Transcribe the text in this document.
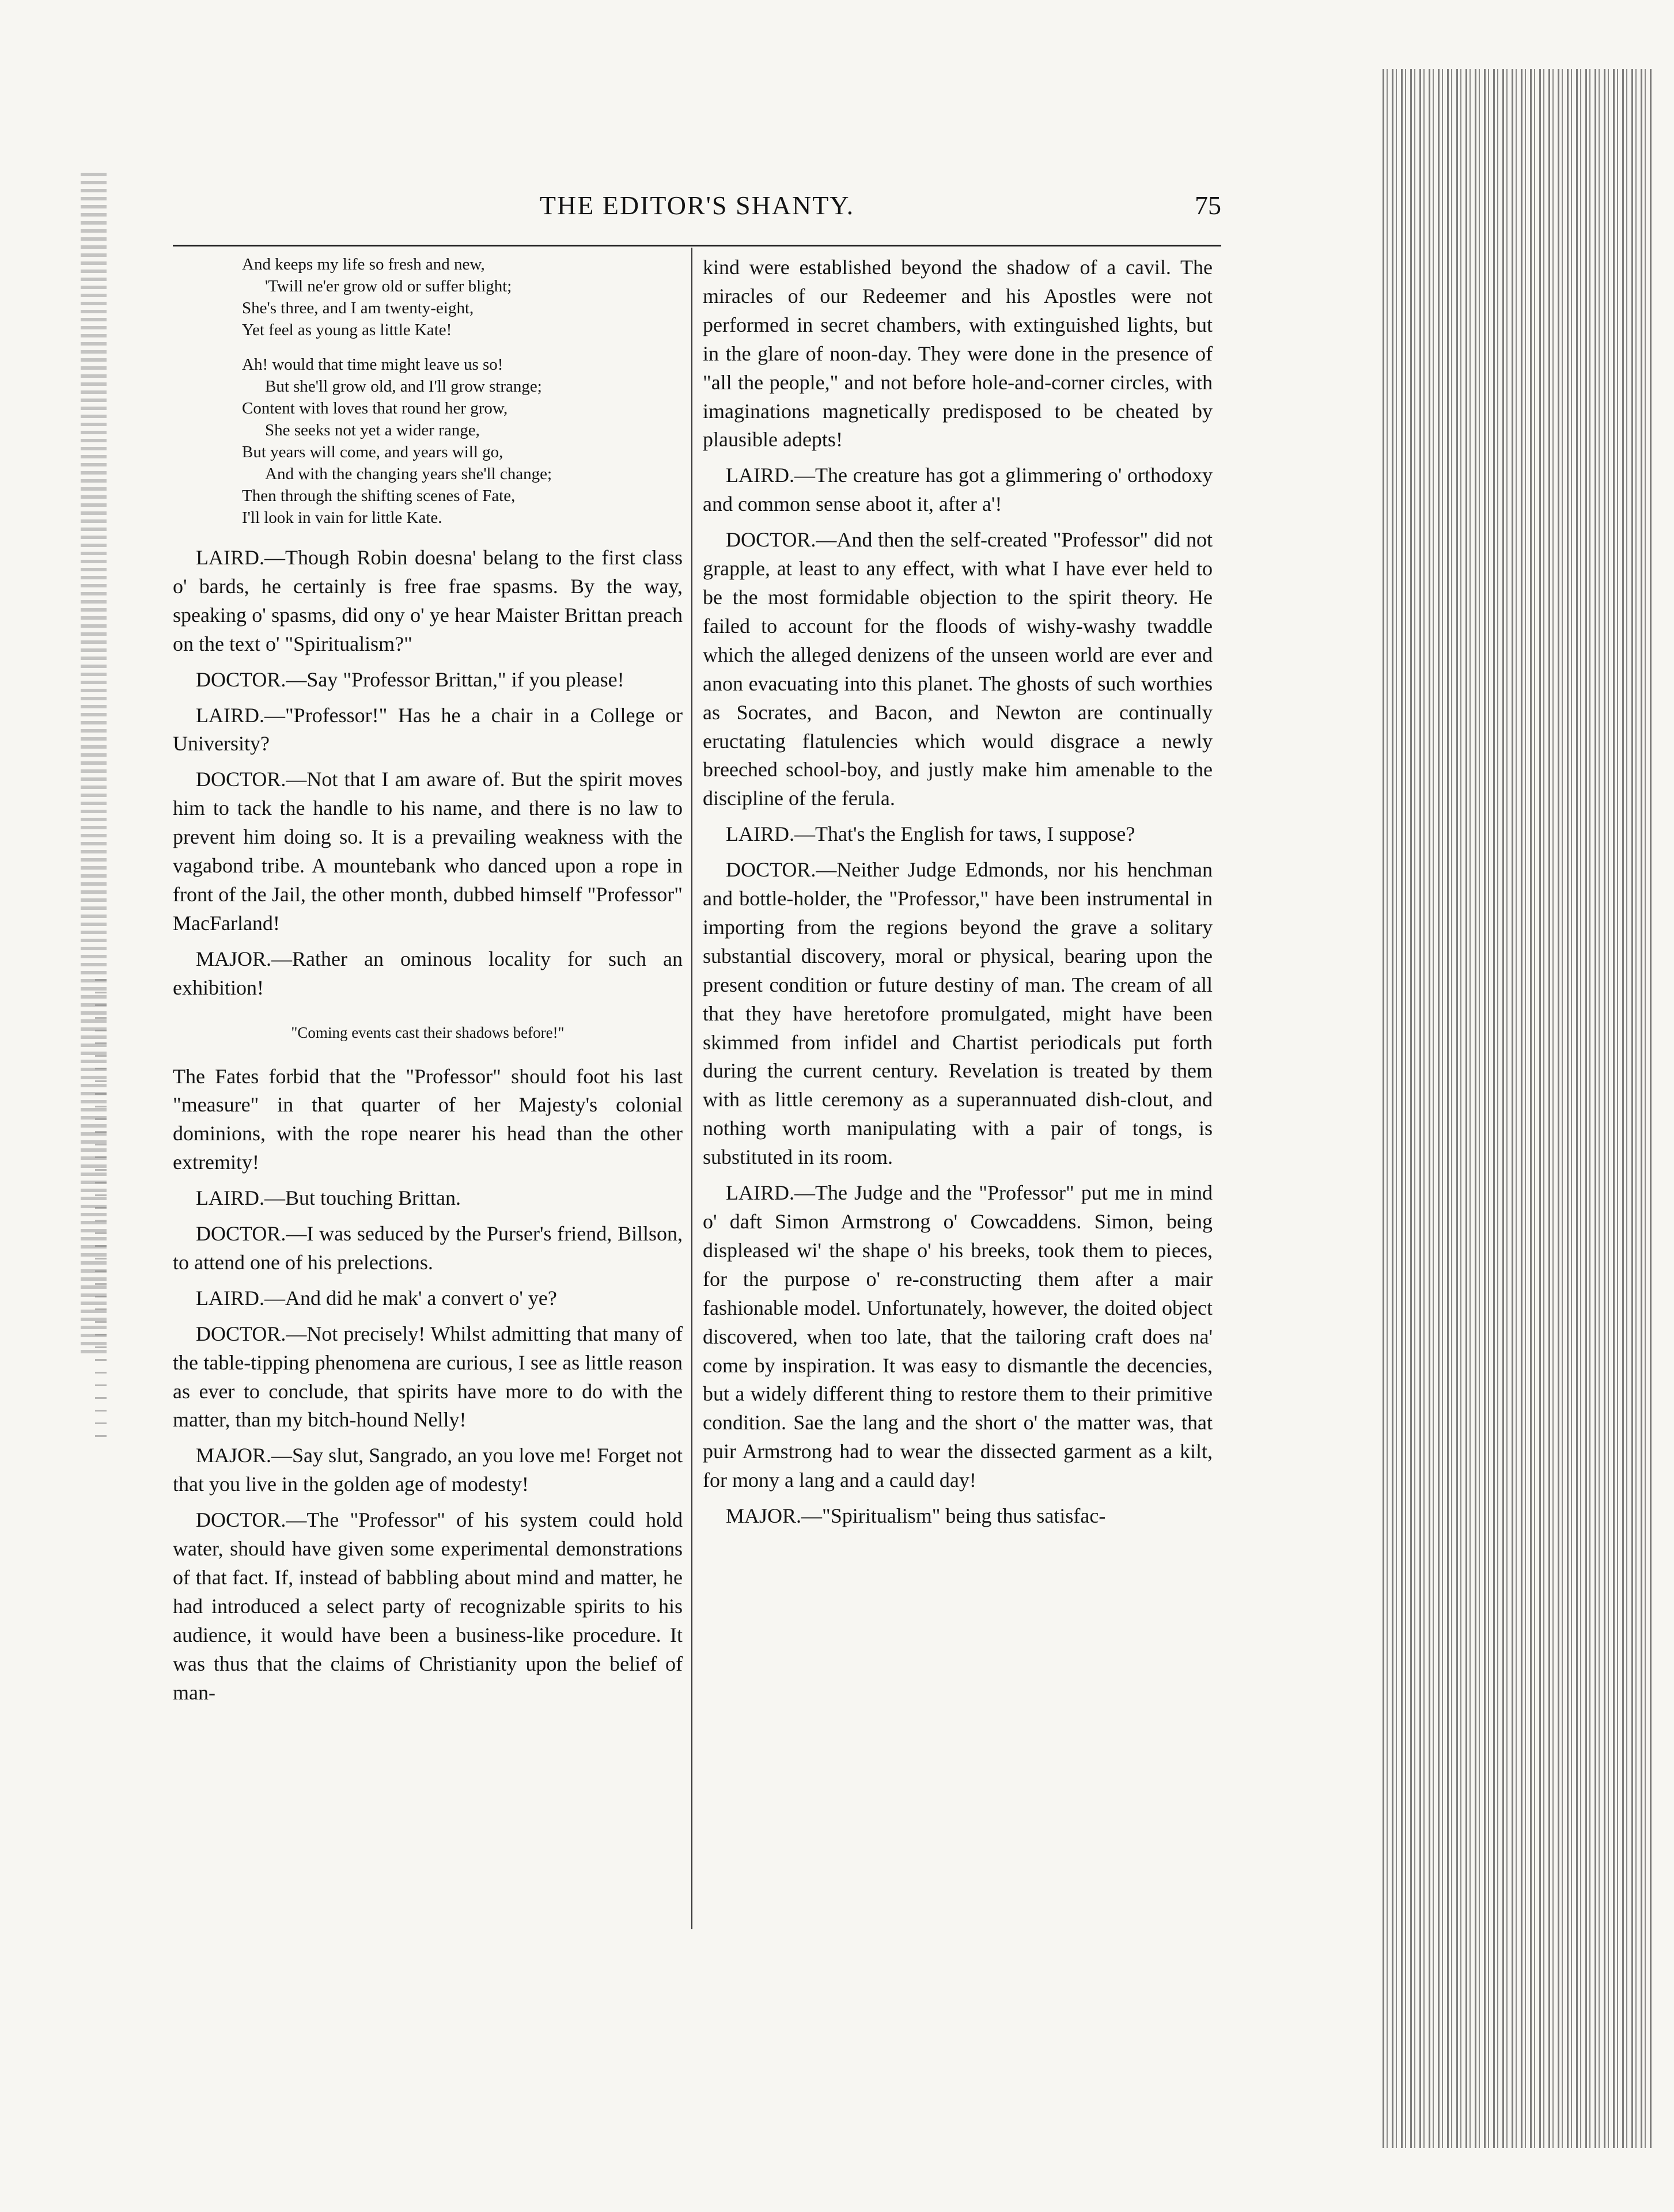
THE EDITOR'S SHANTY.	75

And keeps my life so fresh and new,

'Twill ne'er grow old or suffer blight;

She's three, and I am twenty-eight,

Yet feel as young as little Kate!

Ah! would that time might leave us so!

But she'll grow old, and I'll grow strange;

Content with loves that round her grow,

She seeks not yet a wider range,

But years will come, and years will go,

And with the changing years she'll change;

Then through the shifting scenes of Fate,

I'll look in vain for little Kate.

LAIRD.—Though Robin doesna' belang to the first class o' bards, he certainly is free frae spasms. By the way, speaking o' spasms, did ony o' ye hear Maister Brittan preach on the text o' "Spiritualism?"

DOCTOR.—Say "Professor Brittan," if you please!

LAIRD.—"Professor!" Has he a chair in a College or University?

DOCTOR.—Not that I am aware of. But the spirit moves him to tack the handle to his name, and there is no law to prevent him doing so. It is a prevailing weakness with the vagabond tribe. A mountebank who danced upon a rope in front of the Jail, the other month, dubbed himself "Professor" MacFarland!

MAJOR.—Rather an ominous locality for such an exhibition!

"Coming events cast their shadows before!"

The Fates forbid that the "Professor" should foot his last "measure" in that quarter of her Majesty's colonial dominions, with the rope nearer his head than the other extremity!

LAIRD.—But touching Brittan.

DOCTOR.—I was seduced by the Purser's friend, Billson, to attend one of his prelections.

LAIRD.—And did he mak' a convert o' ye?

DOCTOR.—Not precisely! Whilst admitting that many of the table-tipping phenomena are curious, I see as little reason as ever to conclude, that spirits have more to do with the matter, than my bitch-hound Nelly!

MAJOR.—Say slut, Sangrado, an you love me! Forget not that you live in the golden age of modesty!

DOCTOR.—The "Professor" of his system could hold water, should have given some experimental demonstrations of that fact. If, instead of babbling about mind and matter, he had introduced a select party of recognizable spirits to his audience, it would have been a business-like procedure. It was thus that the claims of Christianity upon the belief of man-

kind were established beyond the shadow of a cavil. The miracles of our Redeemer and his Apostles were not performed in secret chambers, with extinguished lights, but in the glare of noon-day. They were done in the presence of "all the people," and not before hole-and-corner circles, with imaginations magnetically predisposed to be cheated by plausible adepts!

LAIRD.—The creature has got a glimmering o' orthodoxy and common sense aboot it, after a'!

DOCTOR.—And then the self-created "Professor" did not grapple, at least to any effect, with what I have ever held to be the most formidable objection to the spirit theory. He failed to account for the floods of wishy-washy twaddle which the alleged denizens of the unseen world are ever and anon evacuating into this planet. The ghosts of such worthies as Socrates, and Bacon, and Newton are continually eructating flatulencies which would disgrace a newly breeched school-boy, and justly make him amenable to the discipline of the ferula.

LAIRD.—That's the English for taws, I suppose?

DOCTOR.—Neither Judge Edmonds, nor his henchman and bottle-holder, the "Professor," have been instrumental in importing from the regions beyond the grave a solitary substantial discovery, moral or physical, bearing upon the present condition or future destiny of man. The cream of all that they have heretofore promulgated, might have been skimmed from infidel and Chartist periodicals put forth during the current century. Revelation is treated by them with as little ceremony as a superannuated dish-clout, and nothing worth manipulating with a pair of tongs, is substituted in its room.

LAIRD.—The Judge and the "Professor" put me in mind o' daft Simon Armstrong o' Cowcaddens. Simon, being displeased wi' the shape o' his breeks, took them to pieces, for the purpose o' re-constructing them after a mair fashionable model. Unfortunately, however, the doited object discovered, when too late, that the tailoring craft does na' come by inspiration. It was easy to dismantle the decencies, but a widely different thing to restore them to their primitive condition. Sae the lang and the short o' the matter was, that puir Armstrong had to wear the dissected garment as a kilt, for mony a lang and a cauld day!

MAJOR.—"Spiritualism" being thus satisfac-
